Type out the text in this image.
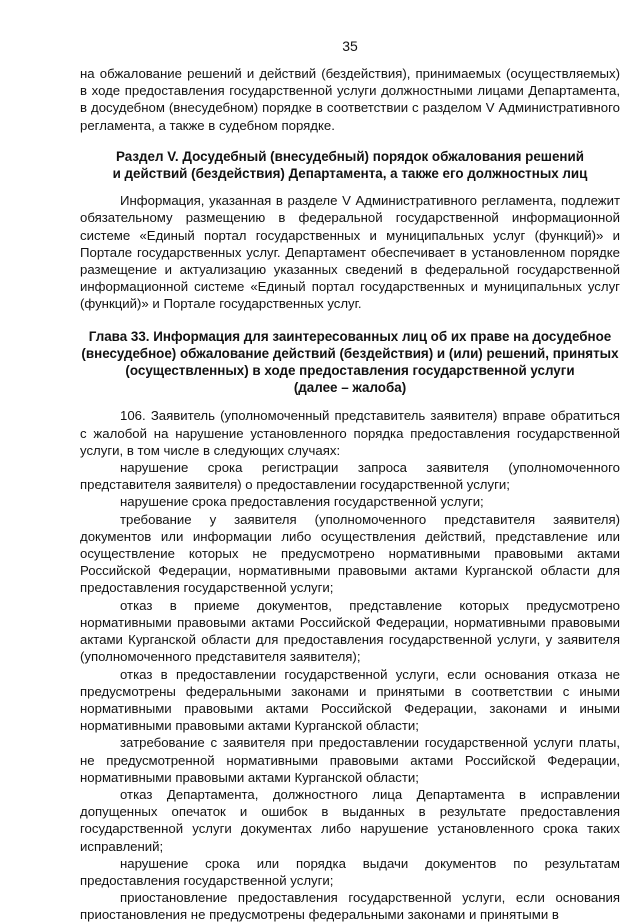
35

на обжалование решений и действий (бездействия), принимаемых (осуществляемых) в ходе предоставления государственной услуги должностными лицами Департамента, в досудебном (внесудебном) порядке в соответствии с разделом V Административного регламента, а также в судебном порядке.

Раздел V. Досудебный (внесудебный) порядок обжалования решений

и действий (бездействия) Департамента, а также его должностных лиц

Информация, указанная в разделе V Административного регламента, подлежит обязательному размещению в федеральной государственной информационной системе «Единый портал государственных и муниципальных услуг (функций)» и Портале государственных услуг. Департамент обеспечивает в установленном порядке размещение и актуализацию указанных сведений в федеральной государственной информационной системе «Единый портал государственных и муниципальных услуг (функций)» и Портале государственных услуг.

Глава 33. Информация для заинтересованных лиц об их праве на досудебное

(внесудебное) обжалование действий (бездействия) и (или) решений, принятых

(осуществленных) в ходе предоставления государственной услуги

(далее – жалоба)

106. Заявитель (уполномоченный представитель заявителя) вправе обратиться с жалобой на нарушение установленного порядка предоставления государственной услуги, в том числе в следующих случаях:

нарушение срока регистрации запроса заявителя (уполномоченного представителя заявителя) о предоставлении государственной услуги;

нарушение срока предоставления государственной услуги;

требование у заявителя (уполномоченного представителя заявителя) документов или информации либо осуществления действий, представление или осуществление которых не предусмотрено нормативными правовыми актами Российской Федерации, нормативными правовыми актами Курганской области для предоставления государственной услуги;

отказ в приеме документов, представление которых предусмотрено нормативными правовыми актами Российской Федерации, нормативными правовыми актами Курганской области для предоставления государственной услуги, у заявителя (уполномоченного представителя заявителя);

отказ в предоставлении государственной услуги, если основания отказа не предусмотрены федеральными законами и принятыми в соответствии с иными нормативными правовыми актами Российской Федерации, законами и иными нормативными правовыми актами Курганской области;

затребование с заявителя при предоставлении государственной услуги платы, не предусмотренной нормативными правовыми актами Российской Федерации, нормативными правовыми актами Курганской области;

отказ Департамента, должностного лица Департамента в исправлении допущенных опечаток и ошибок в выданных в результате предоставления государственной услуги документах либо нарушение установленного срока таких исправлений;

нарушение срока или порядка выдачи документов по результатам предоставления государственной услуги;

приостановление предоставления государственной услуги, если основания приостановления не предусмотрены федеральными законами и принятыми в
